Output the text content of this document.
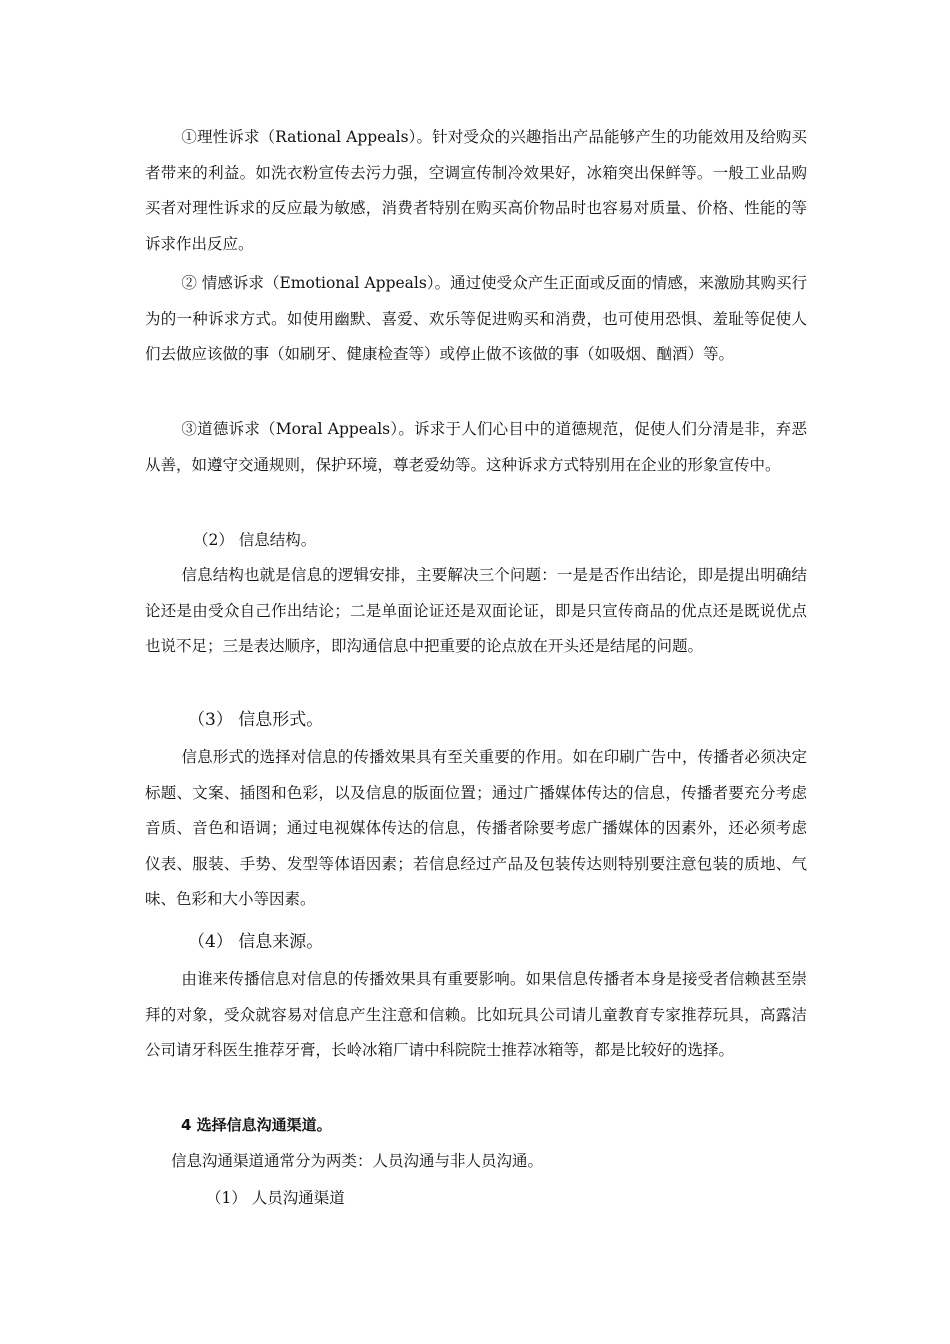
①理性诉求（Rational Appeals）。针对受众的兴趣指出产品能够产生的功能效用及给购买者带来的利益。如洗衣粉宣传去污力强，空调宣传制冷效果好，冰箱突出保鲜等。一般工业品购买者对理性诉求的反应最为敏感，消费者特别在购买高价物品时也容易对质量、价格、性能的等诉求作出反应。

② 情感诉求（Emotional Appeals）。通过使受众产生正面或反面的情感，来激励其购买行为的一种诉求方式。如使用幽默、喜爱、欢乐等促进购买和消费，也可使用恐惧、羞耻等促使人们去做应该做的事（如刷牙、健康检查等）或停止做不该做的事（如吸烟、酗酒）等。

③道德诉求（Moral Appeals）。诉求于人们心目中的道德规范，促使人们分清是非，弃恶从善，如遵守交通规则，保护环境，尊老爱幼等。这种诉求方式特别用在企业的形象宣传中。

（2） 信息结构。

信息结构也就是信息的逻辑安排，主要解决三个问题：一是是否作出结论，即是提出明确结论还是由受众自己作出结论；二是单面论证还是双面论证，即是只宣传商品的优点还是既说优点也说不足；三是表达顺序，即沟通信息中把重要的论点放在开头还是结尾的问题。

（3） 信息形式。

信息形式的选择对信息的传播效果具有至关重要的作用。如在印刷广告中，传播者必须决定标题、文案、插图和色彩，以及信息的版面位置；通过广播媒体传达的信息，传播者要充分考虑音质、音色和语调；通过电视媒体传达的信息，传播者除要考虑广播媒体的因素外，还必须考虑仪表、服装、手势、发型等体语因素；若信息经过产品及包装传达则特别要注意包装的质地、气味、色彩和大小等因素。

（4） 信息来源。

由谁来传播信息对信息的传播效果具有重要影响。如果信息传播者本身是接受者信赖甚至崇拜的对象，受众就容易对信息产生注意和信赖。比如玩具公司请儿童教育专家推荐玩具，高露洁公司请牙科医生推荐牙膏，长岭冰箱厂请中科院院士推荐冰箱等，都是比较好的选择。

4 选择信息沟通渠道。

信息沟通渠道通常分为两类：人员沟通与非人员沟通。

（1） 人员沟通渠道
